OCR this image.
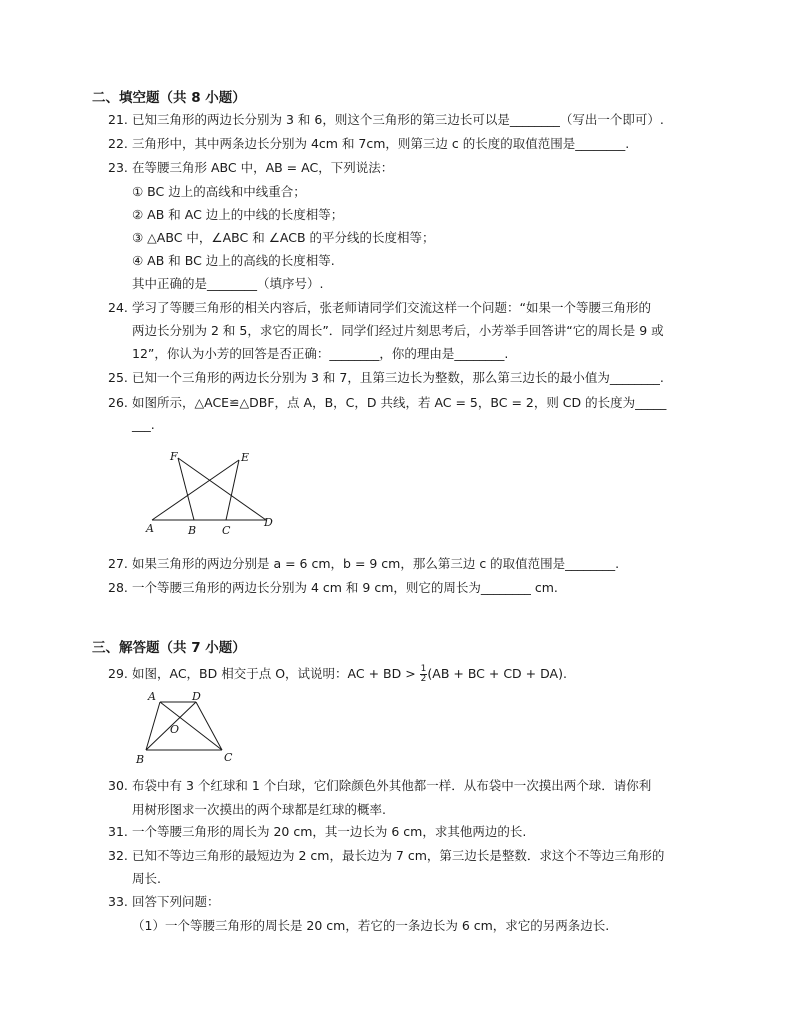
二、填空题（共 8 小题）
21. 已知三角形的两边长分别为 3 和 6，则这个三角形的第三边长可以是________（写出一个即可）.
22. 三角形中，其中两条边长分别为 4cm 和 7cm，则第三边 c 的长度的取值范围是________.
23. 在等腰三角形 ABC 中，AB = AC，下列说法：
① BC 边上的高线和中线重合；
② AB 和 AC 边上的中线的长度相等；
③ △ABC 中，∠ABC 和 ∠ACB 的平分线的长度相等；
④ AB 和 BC 边上的高线的长度相等.
其中正确的是________（填序号）.
24. 学习了等腰三角形的相关内容后，张老师请同学们交流这样一个问题：“如果一个等腰三角形的
两边长分别为 2 和 5，求它的周长”．同学们经过片刻思考后，小芳举手回答讲“它的周长是 9 或
12”，你认为小芳的回答是否正确：________，你的理由是________.
25. 已知一个三角形的两边长分别为 3 和 7，且第三边长为整数，那么第三边长的最小值为________.
26. 如图所示，△ACE≌△DBF，点 A，B，C，D 共线，若 AC = 5，BC = 2，则 CD 的长度为_____
___.
F	E
A	B C
D
27. 如果三角形的两边分别是 a = 6 cm，b = 9 cm，那么第三边 c 的取值范围是________.
28. 一个等腰三角形的两边长分别为 4 cm 和 9 cm，则它的周长为________ cm.
三、解答题（共 7 小题）
29. 如图，AC，BD 相交于点 O，试说明：AC + BD > $\frac{1}{2} (AB$ + BC + CD + DA).
A	D
O
B	C
30. 布袋中有 3 个红球和 1 个白球，它们除颜色外其他都一样．从布袋中一次摸出两个球．请你利
用树形图求一次摸出的两个球都是红球的概率.
31. 一个等腰三角形的周长为 20 cm，其一边长为 6 cm，求其他两边的长.
32. 已知不等边三角形的最短边为 2 cm，最长边为 7 cm，第三边长是整数．求这个不等边三角形的
周长.
33. 回答下列问题：
（1）一个等腰三角形的周长是 20 cm，若它的一条边长为 6 cm，求它的另两条边长.
